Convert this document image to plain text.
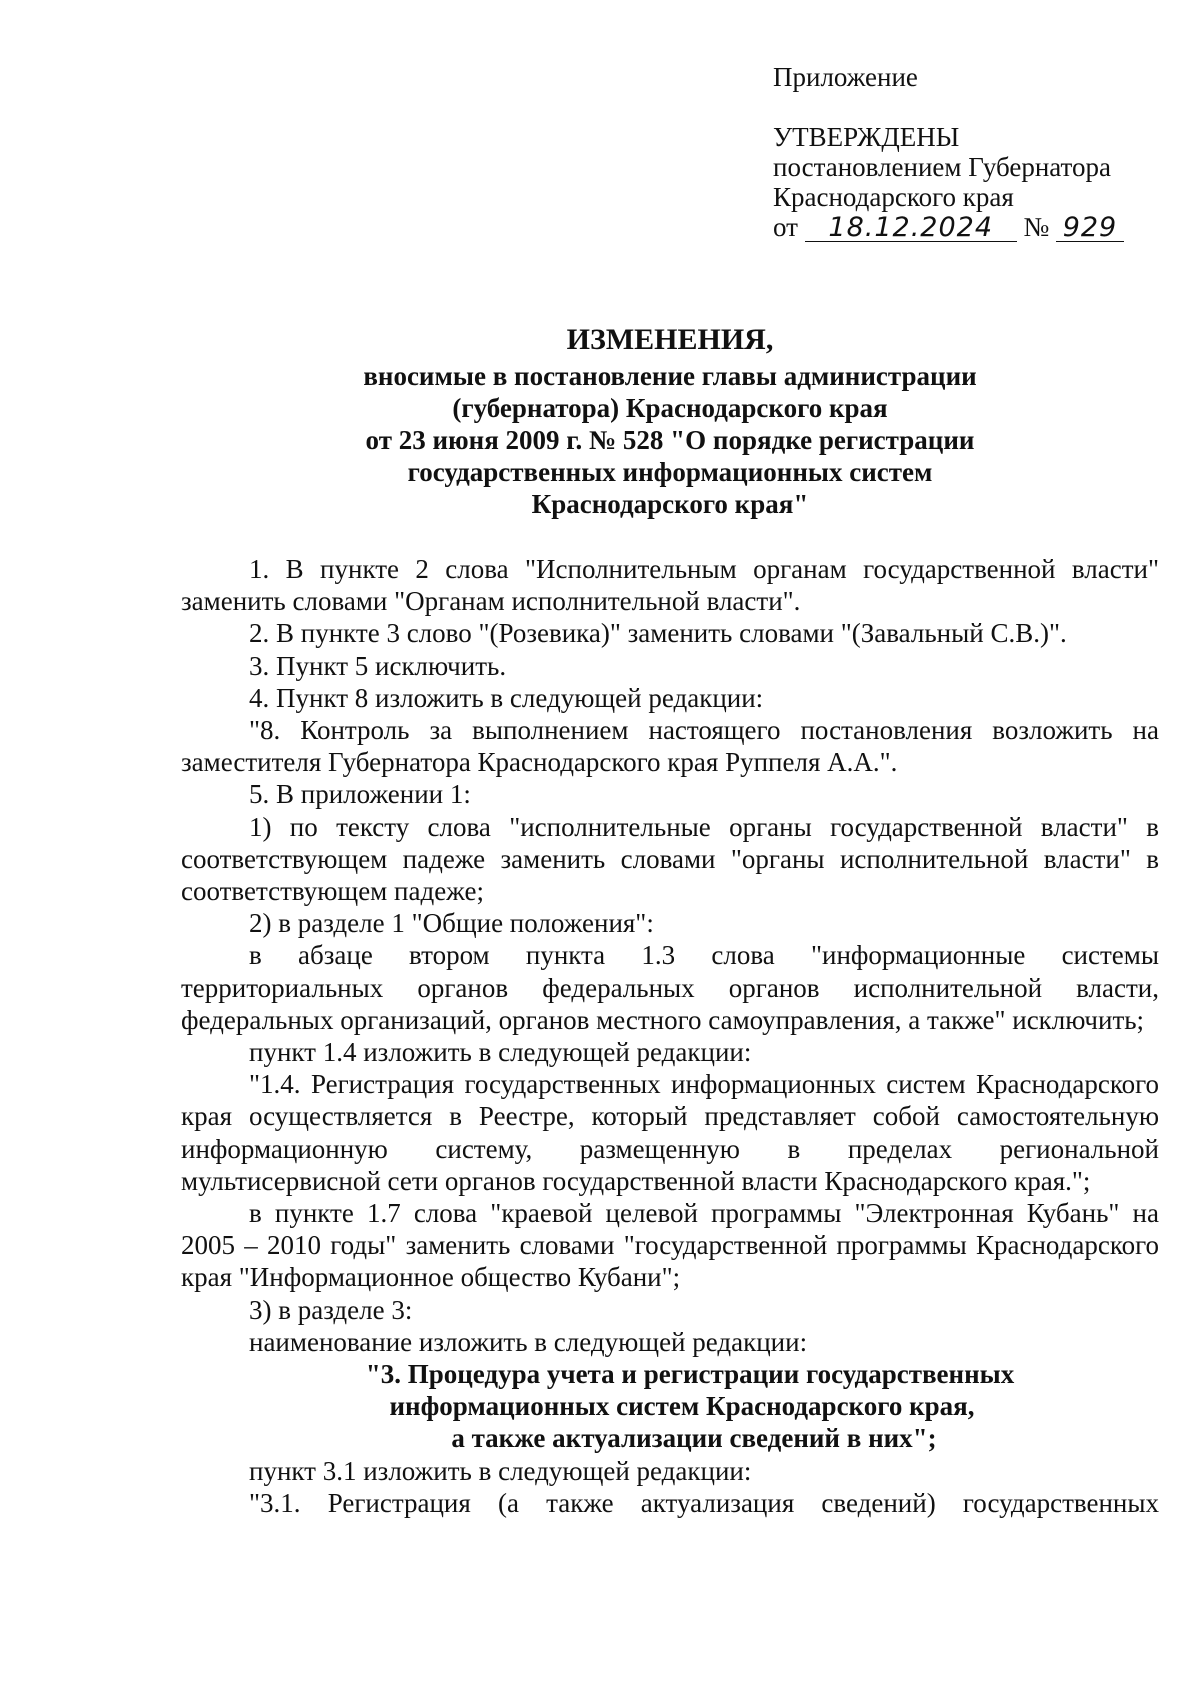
Приложение
УТВЕРЖДЕНЫ
постановлением Губернатора
Краснодарского края
от 18.12.2024 № 929
ИЗМЕНЕНИЯ,
вносимые в постановление главы администрации
(губернатора) Краснодарского края
от 23 июня 2009 г. № 528 "О порядке регистрации
государственных информационных систем
Краснодарского края"

1. В пункте 2 слова "Исполнительным органам государственной власти" заменить словами "Органам исполнительной власти".

2. В пункте 3 слово "(Розевика)" заменить словами "(Завальный С.В.)".

3. Пункт 5 исключить.

4. Пункт 8 изложить в следующей редакции:

"8. Контроль за выполнением настоящего постановления возложить на заместителя Губернатора Краснодарского края Руппеля А.А.".

5. В приложении 1:

1) по тексту слова "исполнительные органы государственной власти" в соответствующем падеже заменить словами "органы исполнительной власти" в соответствующем падеже;

2) в разделе 1 "Общие положения":

в абзаце втором пункта 1.3 слова "информационные системы территориальных органов федеральных органов исполнительной власти, федеральных организаций, органов местного самоуправления, а также" исключить;

пункт 1.4 изложить в следующей редакции:

"1.4. Регистрация государственных информационных систем Краснодарского края осуществляется в Реестре, который представляет собой самостоятельную информационную систему, размещенную в пределах региональной мультисервисной сети органов государственной власти Краснодарского края.";

в пункте 1.7 слова "краевой целевой программы "Электронная Кубань" на 2005 – 2010 годы" заменить словами "государственной программы Краснодарского края "Информационное общество Кубани";

3) в разделе 3:

наименование изложить в следующей редакции:

"3. Процедура учета и регистрации государственных

информационных систем Краснодарского края,

а также актуализации сведений в них";

пункт 3.1 изложить в следующей редакции:

"3.1. Регистрация (а также актуализация сведений) государственных
